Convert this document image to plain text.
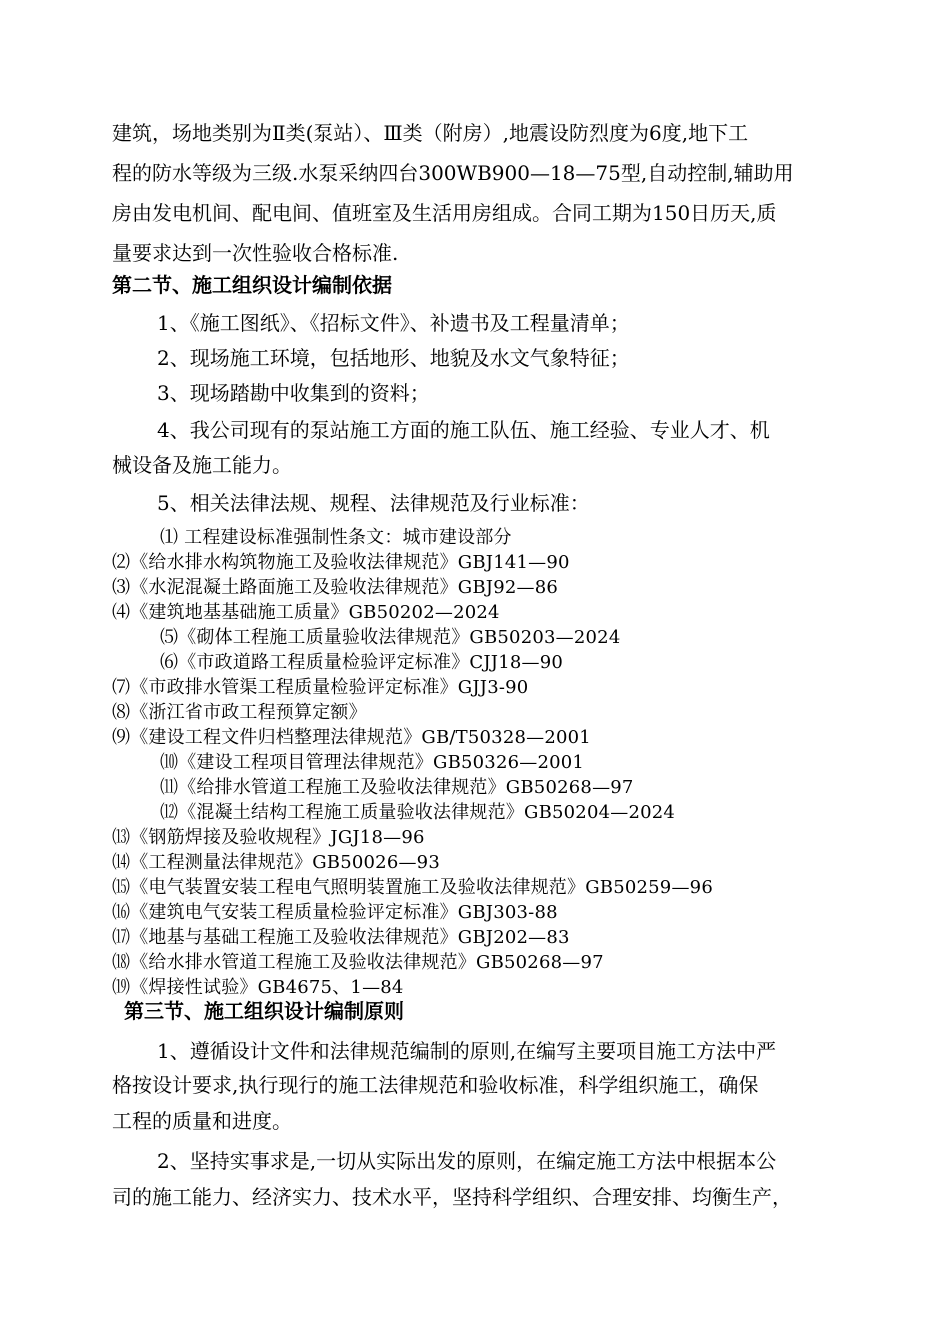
建筑，场地类别为Ⅱ类(泵站）、Ⅲ类（附房）,地震设防烈度为6度,地下工
程的防水等级为三级.水泵采纳四台300WB900—18—75型,自动控制,辅助用
房由发电机间、配电间、值班室及生活用房组成。合同工期为150日历天,质
量要求达到一次性验收合格标准.
第二节、施工组织设计编制依据
1、《施工图纸》、《招标文件》、补遗书及工程量清单；
2、现场施工环境，包括地形、地貌及水文气象特征；
3、现场踏勘中收集到的资料；
4、我公司现有的泵站施工方面的施工队伍、施工经验、专业人才、机
械设备及施工能力。
5、相关法律法规、规程、法律规范及行业标准：
⑴ 工程建设标准强制性条文：城市建设部分
⑵《给水排水构筑物施工及验收法律规范》GBJ141—90
⑶《水泥混凝土路面施工及验收法律规范》GBJ92—86
⑷《建筑地基基础施工质量》GB50202—2024
⑸《砌体工程施工质量验收法律规范》GB50203—2024
⑹《市政道路工程质量检验评定标准》CJJ18—90
⑺《市政排水管渠工程质量检验评定标准》GJJ3-90
⑻《浙江省市政工程预算定额》
⑼《建设工程文件归档整理法律规范》GB/T50328—2001
⑽《建设工程项目管理法律规范》GB50326—2001
⑾《给排水管道工程施工及验收法律规范》GB50268—97
⑿《混凝土结构工程施工质量验收法律规范》GB50204—2024
⒀《钢筋焊接及验收规程》JGJ18—96
⒁《工程测量法律规范》GB50026—93
⒂《电气装置安装工程电气照明装置施工及验收法律规范》GB50259—96
⒃《建筑电气安装工程质量检验评定标准》GBJ303-88
⒄《地基与基础工程施工及验收法律规范》GBJ202—83
⒅《给水排水管道工程施工及验收法律规范》GB50268—97
⒆《焊接性试验》GB4675、1—84
第三节、施工组织设计编制原则
1、遵循设计文件和法律规范编制的原则,在编写主要项目施工方法中严
格按设计要求,执行现行的施工法律规范和验收标准，科学组织施工，确保
工程的质量和进度。
2、坚持实事求是,一切从实际出发的原则，在编定施工方法中根据本公
司的施工能力、经济实力、技术水平，坚持科学组织、合理安排、均衡生产，
